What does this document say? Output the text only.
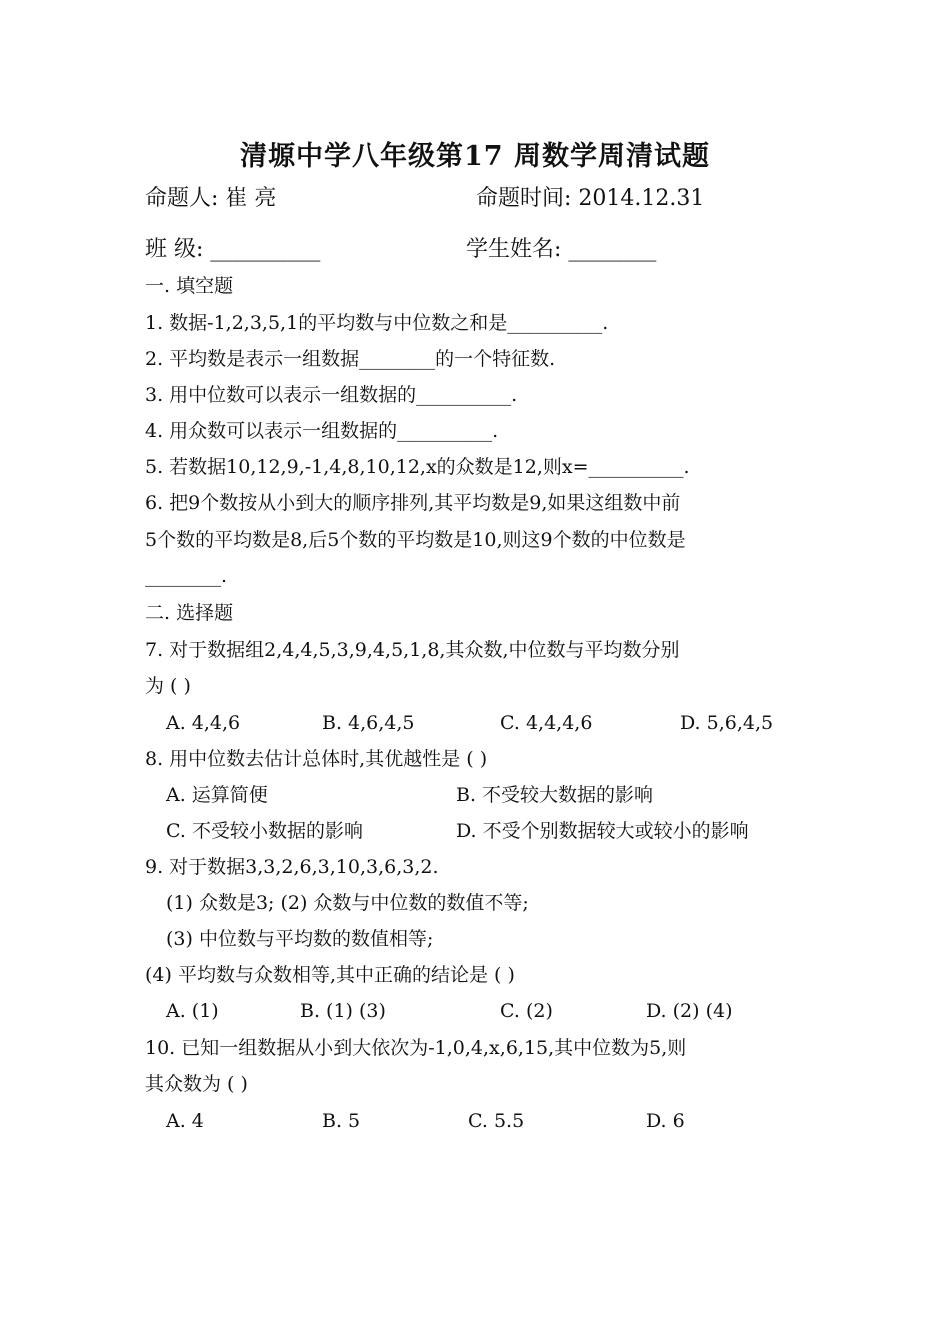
清塬中学八年级第17 周数学周清试题
命题人: 崔 亮	命题时间: 2014.12.31
班 级: __________	学生姓名: ________
一. 填空题
1. 数据-1,2,3,5,1的平均数与中位数之和是__________.
2. 平均数是表示一组数据________的一个特征数.
3. 用中位数可以表示一组数据的__________.
4. 用众数可以表示一组数据的__________.
5. 若数据10,12,9,-1,4,8,10,12,x的众数是12,则x=__________.
6. 把9个数按从小到大的顺序排列,其平均数是9,如果这组数中前
5个数的平均数是8,后5个数的平均数是10,则这9个数的中位数是
________.
二. 选择题
7. 对于数据组2,4,4,5,3,9,4,5,1,8,其众数,中位数与平均数分别
为 ( )
A. 4,4,6	B. 4,6,4,5	C. 4,4,4,6	D. 5,6,4,5
8. 用中位数去估计总体时,其优越性是 ( )
A. 运算简便	B. 不受较大数据的影响
C. 不受较小数据的影响	D. 不受个别数据较大或较小的影响
9. 对于数据3,3,2,6,3,10,3,6,3,2.
(1) 众数是3; (2) 众数与中位数的数值不等;
(3) 中位数与平均数的数值相等;
(4) 平均数与众数相等,其中正确的结论是 ( )
A. (1)	B. (1) (3)	C. (2)	D. (2) (4)
10. 已知一组数据从小到大依次为-1,0,4,x,6,15,其中位数为5,则
其众数为 ( )
A. 4	B. 5	C. 5.5	D. 6
